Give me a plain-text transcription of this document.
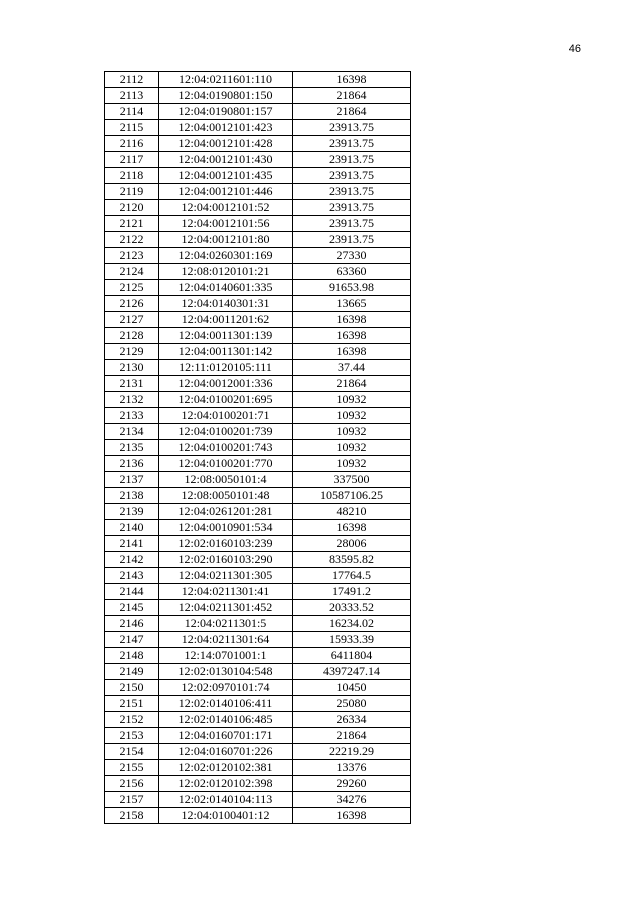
46
2112	12:04:0211601:110	16398
2113	12:04:0190801:150	21864
2114	12:04:0190801:157	21864
2115	12:04:0012101:423	23913.75
2116	12:04:0012101:428	23913.75
2117	12:04:0012101:430	23913.75
2118	12:04:0012101:435	23913.75
2119	12:04:0012101:446	23913.75
2120	12:04:0012101:52	23913.75
2121	12:04:0012101:56	23913.75
2122	12:04:0012101:80	23913.75
2123	12:04:0260301:169	27330
2124	12:08:0120101:21	63360
2125	12:04:0140601:335	91653.98
2126	12:04:0140301:31	13665
2127	12:04:0011201:62	16398
2128	12:04:0011301:139	16398
2129	12:04:0011301:142	16398
2130	12:11:0120105:111	37.44
2131	12:04:0012001:336	21864
2132	12:04:0100201:695	10932
2133	12:04:0100201:71	10932
2134	12:04:0100201:739	10932
2135	12:04:0100201:743	10932
2136	12:04:0100201:770	10932
2137	12:08:0050101:4	337500
2138	12:08:0050101:48	10587106.25
2139	12:04:0261201:281	48210
2140	12:04:0010901:534	16398
2141	12:02:0160103:239	28006
2142	12:02:0160103:290	83595.82
2143	12:04:0211301:305	17764.5
2144	12:04:0211301:41	17491.2
2145	12:04:0211301:452	20333.52
2146	12:04:0211301:5	16234.02
2147	12:04:0211301:64	15933.39
2148	12:14:0701001:1	6411804
2149	12:02:0130104:548	4397247.14
2150	12:02:0970101:74	10450
2151	12:02:0140106:411	25080
2152	12:02:0140106:485	26334
2153	12:04:0160701:171	21864
2154	12:04:0160701:226	22219.29
2155	12:02:0120102:381	13376
2156	12:02:0120102:398	29260
2157	12:02:0140104:113	34276
2158	12:04:0100401:12	16398
